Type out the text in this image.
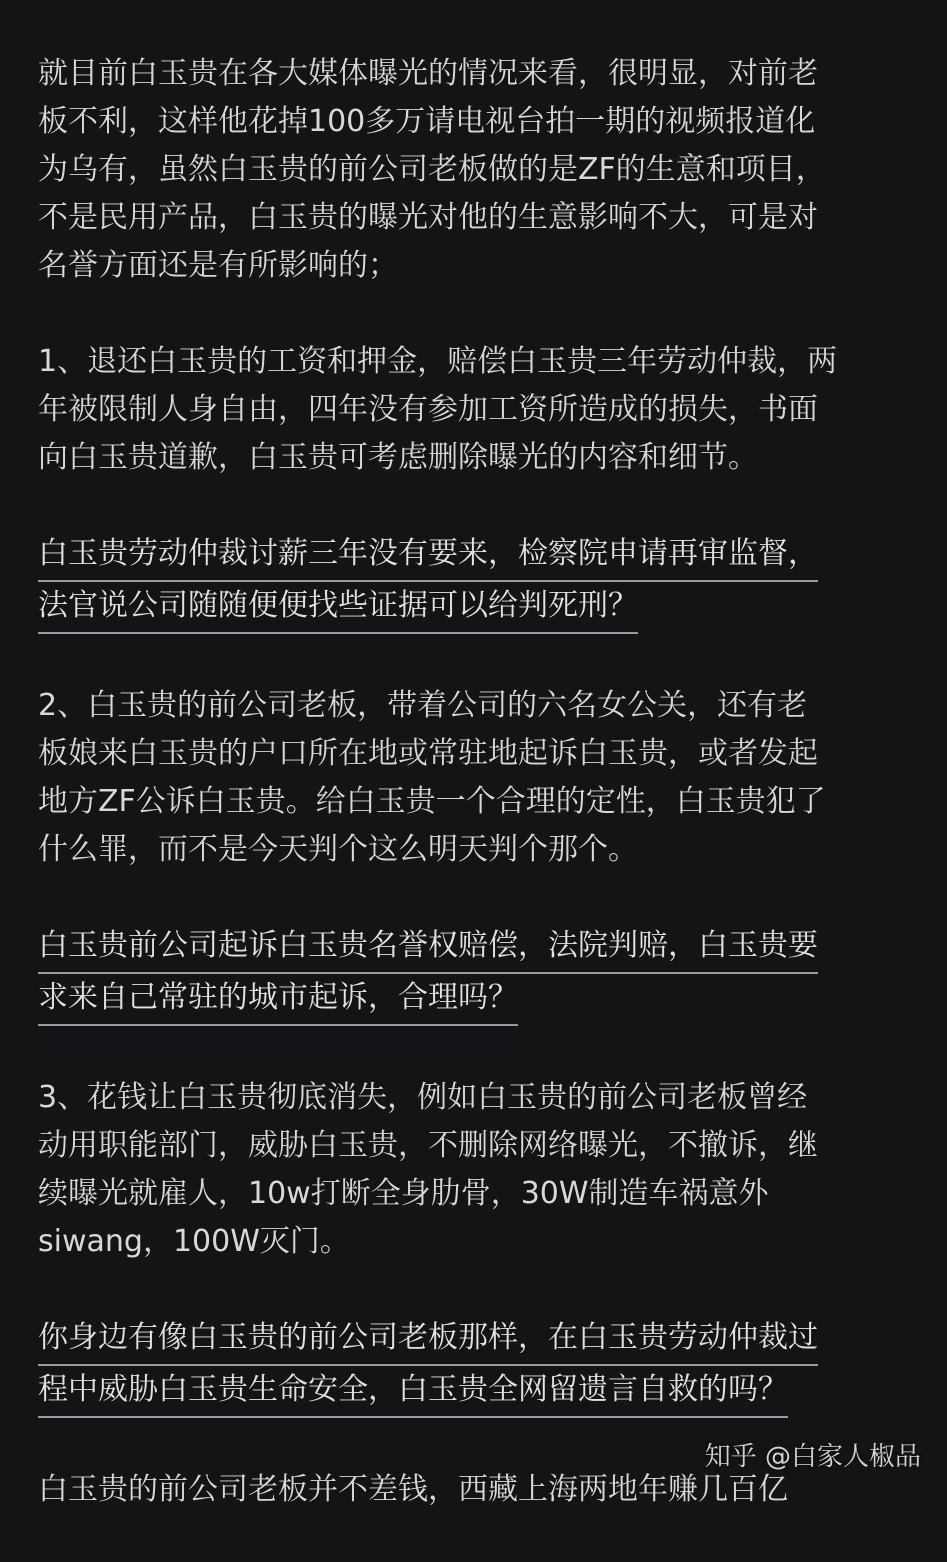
就目前白玉贵在各大媒体曝光的情况来看，很明显，对前老
板不利，这样他花掉100多万请电视台拍一期的视频报道化
为乌有，虽然白玉贵的前公司老板做的是ZF的生意和项目，
不是民用产品，白玉贵的曝光对他的生意影响不大，可是对
名誉方面还是有所影响的；
1、退还白玉贵的工资和押金，赔偿白玉贵三年劳动仲裁，两
年被限制人身自由，四年没有参加工资所造成的损失，书面
向白玉贵道歉，白玉贵可考虑删除曝光的内容和细节。
白玉贵劳动仲裁讨薪三年没有要来，检察院申请再审监督，
法官说公司随随便便找些证据可以给判死刑？
2、白玉贵的前公司老板，带着公司的六名女公关，还有老
板娘来白玉贵的户口所在地或常驻地起诉白玉贵，或者发起
地方ZF公诉白玉贵。给白玉贵一个合理的定性，白玉贵犯了
什么罪，而不是今天判个这么明天判个那个。
白玉贵前公司起诉白玉贵名誉权赔偿，法院判赔，白玉贵要
求来自己常驻的城市起诉，合理吗？
3、花钱让白玉贵彻底消失，例如白玉贵的前公司老板曾经
动用职能部门，威胁白玉贵，不删除网络曝光，不撤诉，继
续曝光就雇人，10w打断全身肋骨，30W制造车祸意外
siwang，100W灭门。
你身边有像白玉贵的前公司老板那样，在白玉贵劳动仲裁过
程中威胁白玉贵生命安全，白玉贵全网留遗言自救的吗？
白玉贵的前公司老板并不差钱，西藏上海两地年赚几百亿
知乎 @白家人椒品
